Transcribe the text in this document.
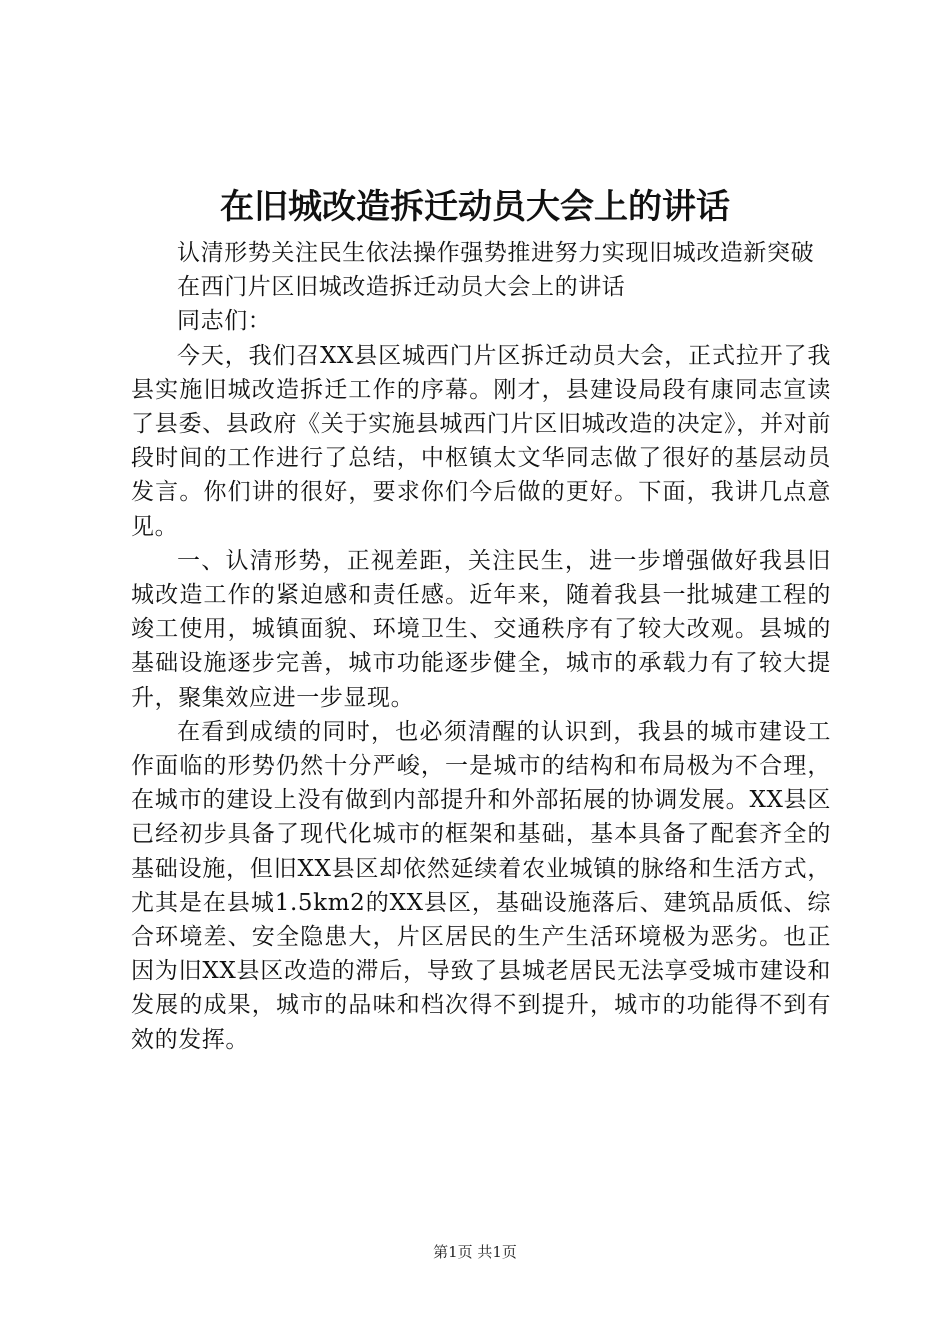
在旧城改造拆迁动员大会上的讲话

认清形势关注民生依法操作强势推进努力实现旧城改造新突破

在西门片区旧城改造拆迁动员大会上的讲话

同志们：

今天，我们召XX县区城西门片区拆迁动员大会，正式拉开了我县实施旧城改造拆迁工作的序幕。刚才，县建设局段有康同志宣读了县委、县政府《关于实施县城西门片区旧城改造的决定》，并对前段时间的工作进行了总结，中枢镇太文华同志做了很好的基层动员发言。你们讲的很好，要求你们今后做的更好。下面，我讲几点意见。

一、认清形势，正视差距，关注民生，进一步增强做好我县旧城改造工作的紧迫感和责任感。近年来，随着我县一批城建工程的竣工使用，城镇面貌、环境卫生、交通秩序有了较大改观。县城的基础设施逐步完善，城市功能逐步健全，城市的承载力有了较大提升，聚集效应进一步显现。

在看到成绩的同时，也必须清醒的认识到，我县的城市建设工作面临的形势仍然十分严峻，一是城市的结构和布局极为不合理，在城市的建设上没有做到内部提升和外部拓展的协调发展。XX县区已经初步具备了现代化城市的框架和基础，基本具备了配套齐全的基础设施，但旧XX县区却依然延续着农业城镇的脉络和生活方式，尤其是在县城1.5km2的XX县区，基础设施落后、建筑品质低、综合环境差、安全隐患大，片区居民的生产生活环境极为恶劣。也正因为旧XX县区改造的滞后，导致了县城老居民无法享受城市建设和发展的成果，城市的品味和档次得不到提升，城市的功能得不到有效的发挥。

第1页 共1页
